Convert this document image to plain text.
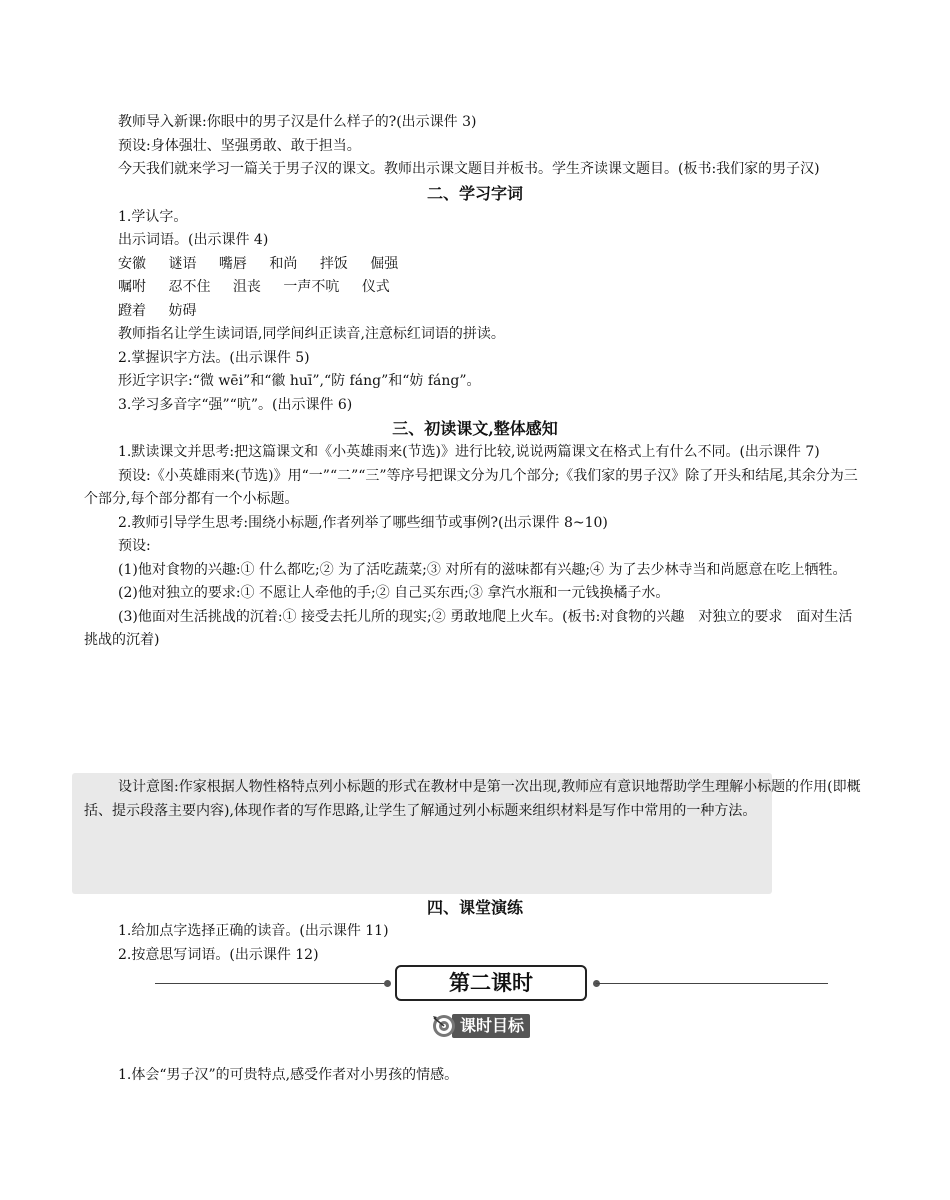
教师导入新课:你眼中的男子汉是什么样子的?(出示课件 3)

预设:身体强壮、坚强勇敢、敢于担当。

今天我们就来学习一篇关于男子汉的课文。教师出示课文题目并板书。学生齐读课文题目。(板书:我们家的男子汉)

二、学习字词

1.学认字。

出示词语。(出示课件 4)

安徽 谜语 嘴唇 和尚 拌饭 倔强
嘱咐 忍不住 沮丧 一声不吭 仪式
蹬着 妨碍

教师指名让学生读词语,同学间纠正读音,注意标红词语的拼读。

2.掌握识字方法。(出示课件 5)

形近字识字:“微 wēi”和“徽 huī”,“防 fáng”和“妨 fáng”。

3.学习多音字“强”“吭”。(出示课件 6)

三、初读课文,整体感知

1.默读课文并思考:把这篇课文和《小英雄雨来(节选)》进行比较,说说两篇课文在格式上有什么不同。(出示课件 7)

预设:《小英雄雨来(节选)》用“一”“二”“三”等序号把课文分为几个部分;《我们家的男子汉》除了开头和结尾,其余分为三个部分,每个部分都有一个小标题。

2.教师引导学生思考:围绕小标题,作者列举了哪些细节或事例?(出示课件 8~10)

预设:

(1)他对食物的兴趣:① 什么都吃;② 为了活吃蔬菜;③ 对所有的滋味都有兴趣;④ 为了去少林寺当和尚愿意在吃上牺牲。

(2)他对独立的要求:① 不愿让人牵他的手;② 自己买东西;③ 拿汽水瓶和一元钱换橘子水。

(3)他面对生活挑战的沉着:① 接受去托儿所的现实;② 勇敢地爬上火车。(板书:对食物的兴趣　对独立的要求　面对生活挑战的沉着)

设计意图:作家根据人物性格特点列小标题的形式在教材中是第一次出现,教师应有意识地帮助学生理解小标题的作用(即概括、提示段落主要内容),体现作者的写作思路,让学生了解通过列小标题来组织材料是写作中常用的一种方法。

四、课堂演练

1.给加点字选择正确的读音。(出示课件 11)

2.按意思写词语。(出示课件 12)

第二课时
课时目标

1.体会“男子汉”的可贵特点,感受作者对小男孩的情感。
